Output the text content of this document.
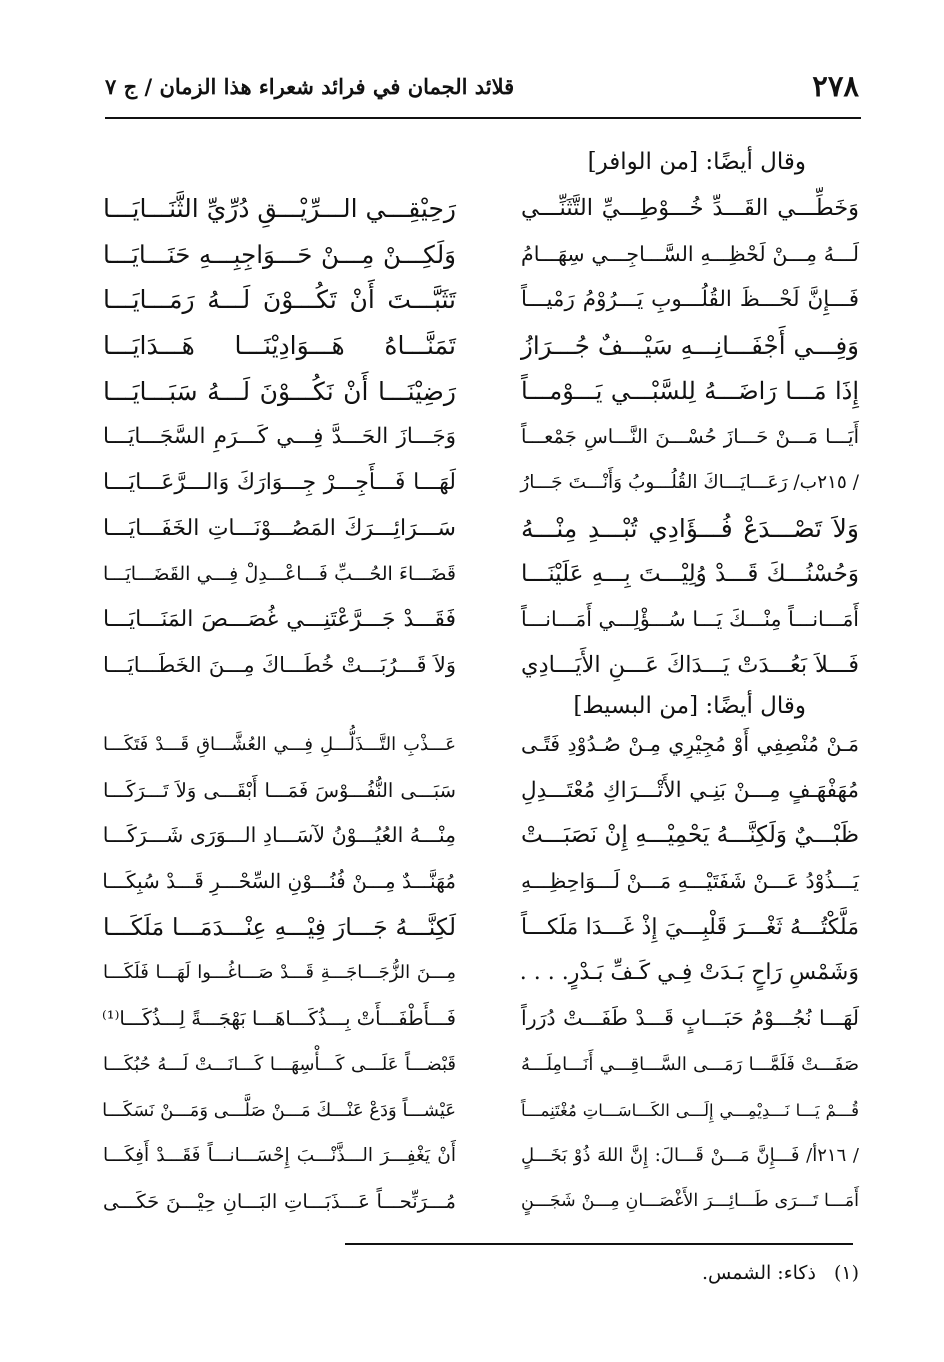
٢٧٨
قلائد الجمان في فرائد شعراء هذا الزمان / ج ٧
وقال أيضًا: [من الوافر]
وَخَطِّـــي القَـــدِّ خُـــوْطِـــيِّ التَّثَنِّـــي
لَـــهُ مِـــنْ لَحْظِـــهِ السَّـــاجِـــي سِهَـــامُ
فَـــإِنَّ لَحْـــظَ القُلُـــوبِ يَـــرُوْمُ رَمْيـــاً
وَفِـــي أَجْفَـــانِـــهِ سَيْـــفٌ جُـــرَازُ
إِذَا مَـــا رَاضَـــهُ لِلسَّبْـــي يَـــوْمـــاً
أَيَـــا مَـــنْ حَـــازَ حُسْـــنَ النَّـــاسِ جَمْعـــاً
/ ٢١٥ب/ رَعَـــايَـــاكَ القُلُـــوبُ وَأَنْـــتَ جَـــارُ
وَلاَ تَصْـــدَعْ فُـــؤَادِي تُبْـــدِ مِنْـــهُ
وَحُسْنُـــكَ قَـــدْ وُلِيْـــتَ بِـــهِ عَلَيْنَـــا
أَمَـــانـــاً مِنْـــكَ يَـــا سُـــؤْلِـــي أَمَـــانـــاً
فَـــلاَ بَعُـــدَتْ يَـــدَاكَ عَـــنِ الأَيَـــادِي
رَحِيْقِـــي الـــرِّيْـــقِ دُرِّيِّ الثَّنَـــايَـــا
وَلَكِـــنْ مِـــنْ حَـــوَاجِبِـــهِ حَنَـــايَـــا
تَثَبَّـــتَ أَنْ تَكُـــوْنَ لَـــهُ رَمَـــايَـــا
تَمَنَّـــاهُ هَـــوَادِيْنَـــا هَـــدَايَـــا
رَضِيْنَـــا أَنْ نَكُـــوْنَ لَـــهُ سَبَـــايَـــا
وَجَـــازَ الحَـــدَّ فِـــي كَـــرَمِ السَّجَـــايَـــا
لَهَـــا فَـــأَجِـــرْ جِـــوَارَكَ وَالـــرَّعَـــايَـــا
سَـــرَائِـــرَكَ المَصُـــوْنَـــاتِ الخَفَـــايَـــا
قَضَـــاءَ الحُـــبِّ فَـــاعْـــدِلْ فِـــي القَضَـــايَـــا
فَقَـــدْ جَـــرَّعْتَنِـــي غُصَـــصَ المَنَـــايَـــا
وَلاَ قَـــرُبَـــتْ خُطَـــاكَ مِـــنَ الخَطَـــايَـــا
وقال أيضًا: [من البسيط]
مَـنْ مُنْصِفِي أَوْ مُجِيْرِي مِـنْ صُـدُوْدِ فَتًـى
مُهَفْهَـفٍ مِـــنْ بَنِـي الأَتْـــرَاكِ مُعْتَـــدِلِ
ظَبْـــيٌ وَلَكِنَّـــهُ يَحْمِيْـــهِ إِنْ نَصَبَـــتْ
يَـــذُوْدُ عَـــنْ شَفَتَيْـــهِ مَـــنْ لَـــوَاحِظِـــهِ
مَلَّكْتُـــهُ ثَغْـــرَ قَلْبِـــيَ إِذْ غَـــدَا مَلَكـــاً
وَشَمْسِ رَاحٍ بَـدَتْ فِـي كَـفِّ بَـدْرٍ. . . .
لَهَـــا نُجُـــوْمُ حَبَـــابٍ قَـــدْ طَفَـــتْ دُرَراً
صَفَـــتْ فَلَمَّـــا رَمَـــى السَّـــاقِـــي أَنَـــامِلَـــهُ
قُـــمْ يَـــا نَـــدِيْمِـــي إِلَـــى الكَـــاسَـــاتِ مُغْتَنِمـــاً
/ ٢١٦أ/ فَـــإِنَّ مَـــنْ قَـــالَ: إِنَّ اللهَ ذُوْ بَخَـــلٍ
أَمَـــا تَـــرَى طَـــائِـــرَ الأَغْصَـــانِ مِـــنْ شَجَـــنٍ
عَـــذْبِ التَّـــذَلُّـــلِ فِـــي العُشَّـــاقِ قَـــدْ فَتَكَـــا
سَبَـــى النُّفُـــوْسَ فَمَـــا أَبْقَـــى وَلاَ تَـــرَكَـــا
مِنْـــهُ العُيُـــوْنُ لآسَـــادِ الـــوَرَى شَـــرَكَـــا
مُهَنَّـــدٌ مِـــنْ فُنُـــوْنِ السِّحْـــرِ قَـــدْ سُبِكَـــا
لَكِنَّـــهُ جَـــارَ فِيْـــهِ عِنْـــدَمَـــا مَلَكَـــا
مِـــنَ الزُّجَـــاجَـــةِ قَـــدْ صَـــاغُـــوا لَهَـــا فَلَكَـــا
فَـــأَطْفَـــأَتْ بِـــذُكَـــاهَـــا بَهْجَـــةً لِـــذُكَـــا⁽¹⁾
قَبْضـــاً عَلَـــى كَـــأْسِهَـــا كَـــانَـــتْ لَـــهُ حُبُكَـــا
عَيْشـــاً وَدَعْ عَنْـــكَ مَـــنْ صَلَّـــى وَمَـــنْ نَسَكَـــا
أَنْ يَغْفِـــرَ الـــذَّنْـــبَ إِحْسَـــانـــاً فَقَـــدْ أَفِكَـــا
مُـــرَنِّحـــاً عَـــذَبَـــاتِ البَـــانِ حِيْـــنَ حَكَـــى
(١)
ذكاء: الشمس.
